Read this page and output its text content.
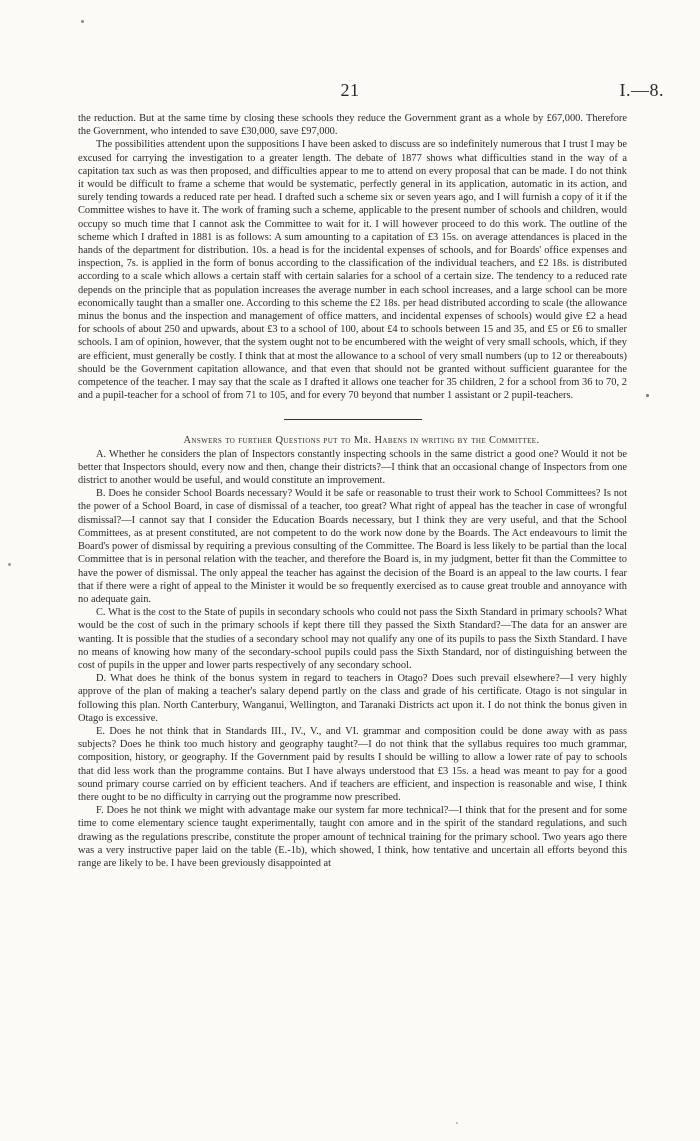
21	I.—8.

the reduction. But at the same time by closing these schools they reduce the Government grant as a whole by £67,000. Therefore the Government, who intended to save £30,000, save £97,000.

The possibilities attendent upon the suppositions I have been asked to discuss are so indefinitely numerous that I trust I may be excused for carrying the investigation to a greater length. The debate of 1877 shows what difficulties stand in the way of a capitation tax such as was then proposed, and difficulties appear to me to attend on every proposal that can be made. I do not think it would be difficult to frame a scheme that would be systematic, perfectly general in its application, automatic in its action, and surely tending towards a reduced rate per head. I drafted such a scheme six or seven years ago, and I will furnish a copy of it if the Committee wishes to have it. The work of framing such a scheme, applicable to the present number of schools and children, would occupy so much time that I cannot ask the Committee to wait for it. I will however proceed to do this work. The outline of the scheme which I drafted in 1881 is as follows: A sum amounting to a capitation of £3 15s. on average attendances is placed in the hands of the department for distribution. 10s. a head is for the incidental expenses of schools, and for Boards' office expenses and inspection, 7s. is applied in the form of bonus according to the classification of the individual teachers, and £2 18s. is distributed according to a scale which allows a certain staff with certain salaries for a school of a certain size. The tendency to a reduced rate depends on the principle that as population increases the average number in each school increases, and a large school can be more economically taught than a smaller one. According to this scheme the £2 18s. per head distributed according to scale (the allowance minus the bonus and the inspection and management of office matters, and incidental expenses of schools) would give £2 a head for schools of about 250 and upwards, about £3 to a school of 100, about £4 to schools between 15 and 35, and £5 or £6 to smaller schools. I am of opinion, however, that the system ought not to be encumbered with the weight of very small schools, which, if they are efficient, must generally be costly. I think that at most the allowance to a school of very small numbers (up to 12 or thereabouts) should be the Government capitation allowance, and that even that should not be granted without sufficient guarantee for the competence of the teacher. I may say that the scale as I drafted it allows one teacher for 35 children, 2 for a school from 36 to 70, 2 and a pupil-teacher for a school of from 71 to 105, and for every 70 beyond that number 1 assistant or 2 pupil-teachers.

Answers to further Questions put to Mr. Habens in writing by the Committee.

A. Whether he considers the plan of Inspectors constantly inspecting schools in the same district a good one? Would it not be better that Inspectors should, every now and then, change their districts?—I think that an occasional change of Inspectors from one district to another would be useful, and would constitute an improvement.

B. Does he consider School Boards necessary? Would it be safe or reasonable to trust their work to School Committees? Is not the power of a School Board, in case of dismissal of a teacher, too great? What right of appeal has the teacher in case of wrongful dismissal?—I cannot say that I consider the Education Boards necessary, but I think they are very useful, and that the School Committees, as at present constituted, are not competent to do the work now done by the Boards. The Act endeavours to limit the Board's power of dismissal by requiring a previous consulting of the Committee. The Board is less likely to be partial than the local Committee that is in personal relation with the teacher, and therefore the Board is, in my judgment, better fit than the Committee to have the power of dismissal. The only appeal the teacher has against the decision of the Board is an appeal to the law courts. I fear that if there were a right of appeal to the Minister it would be so frequently exercised as to cause great trouble and annoyance with no adequate gain.

C. What is the cost to the State of pupils in secondary schools who could not pass the Sixth Standard in primary schools? What would be the cost of such in the primary schools if kept there till they passed the Sixth Standard?—The data for an answer are wanting. It is possible that the studies of a secondary school may not qualify any one of its pupils to pass the Sixth Standard. I have no means of knowing how many of the secondary-school pupils could pass the Sixth Standard, nor of distinguishing between the cost of pupils in the upper and lower parts respectively of any secondary school.

D. What does he think of the bonus system in regard to teachers in Otago? Does such prevail elsewhere?—I very highly approve of the plan of making a teacher's salary depend partly on the class and grade of his certificate. Otago is not singular in following this plan. North Canterbury, Wanganui, Wellington, and Taranaki Districts act upon it. I do not think the bonus given in Otago is excessive.

E. Does he not think that in Standards III., IV., V., and VI. grammar and composition could be done away with as pass subjects? Does he think too much history and geography taught?—I do not think that the syllabus requires too much grammar, composition, history, or geography. If the Government paid by results I should be willing to allow a lower rate of pay to schools that did less work than the programme contains. But I have always understood that £3 15s. a head was meant to pay for a good sound primary course carried on by efficient teachers. And if teachers are efficient, and inspection is reasonable and wise, I think there ought to be no difficulty in carrying out the programme now prescribed.

F. Does he not think we might with advantage make our system far more technical?—I think that for the present and for some time to come elementary science taught experimentally, taught con amore and in the spirit of the standard regulations, and such drawing as the regulations prescribe, constitute the proper amount of technical training for the primary school. Two years ago there was a very instructive paper laid on the table (E.-1b), which showed, I think, how tentative and uncertain all efforts beyond this range are likely to be. I have been greviously disappointed at
